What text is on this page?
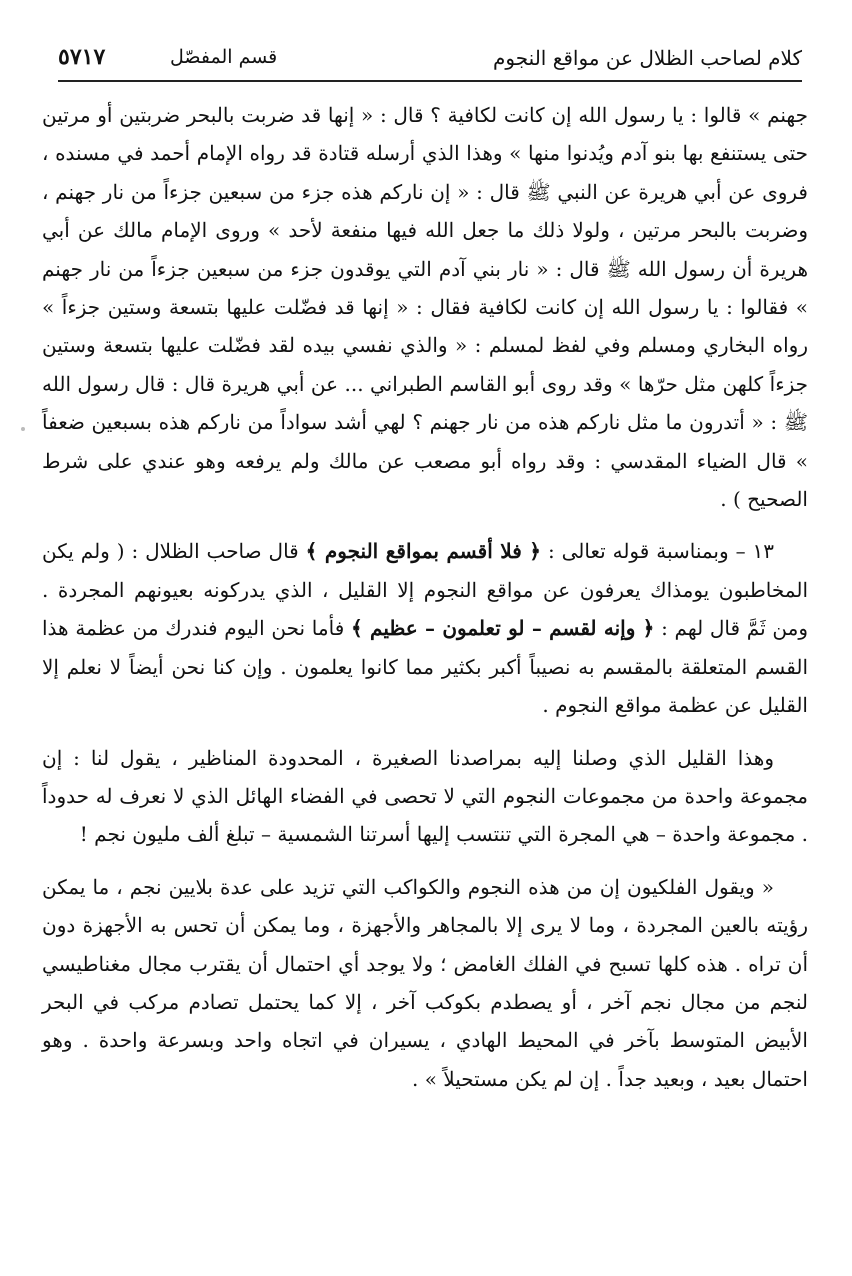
كلام لصاحب الظلال عن مواقع النجوم
قسم المفصّل
٥٧١٧

جهنم » قالوا : يا رسول الله إن كانت لكافية ؟ قال : « إنها قد ضربت بالبحر ضربتين أو مرتين حتى يستنفع بها بنو آدم ويُدنوا منها » وهذا الذي أرسله قتادة قد رواه الإمام أحمد في مسنده ، فروى عن أبي هريرة عن النبي ﷺ قال : « إن ناركم هذه جزء من سبعين جزءاً من نار جهنم ، وضربت بالبحر مرتين ، ولولا ذلك ما جعل الله فيها منفعة لأحد » وروى الإمام مالك عن أبي هريرة أن رسول الله ﷺ قال : « نار بني آدم التي يوقدون جزء من سبعين جزءاً من نار جهنم » فقالوا : يا رسول الله إن كانت لكافية فقال : « إنها قد فضّلت عليها بتسعة وستين جزءاً » رواه البخاري ومسلم وفي لفظ لمسلم : « والذي نفسي بيده لقد فضّلت عليها بتسعة وستين جزءاً كلهن مثل حرّها » وقد روى أبو القاسم الطبراني ... عن أبي هريرة قال : قال رسول الله ﷺ : « أتدرون ما مثل ناركم هذه من نار جهنم ؟ لهي أشد سواداً من ناركم هذه بسبعين ضعفاً » قال الضياء المقدسي : وقد رواه أبو مصعب عن مالك ولم يرفعه وهو عندي على شرط الصحيح ) .

١٣ – وبمناسبة قوله تعالى : ﴿ فلا أقسم بمواقع النجوم ﴾ قال صاحب الظلال : ( ولم يكن المخاطبون يومذاك يعرفون عن مواقع النجوم إلا القليل ، الذي يدركونه بعيونهم المجردة . ومن ثَمَّ قال لهم : ﴿ وإنه لقسم – لو تعلمون – عظيم ﴾ فأما نحن اليوم فندرك من عظمة هذا القسم المتعلقة بالمقسم به نصيباً أكبر بكثير مما كانوا يعلمون . وإن كنا نحن أيضاً لا نعلم إلا القليل عن عظمة مواقع النجوم .

وهذا القليل الذي وصلنا إليه بمراصدنا الصغيرة ، المحدودة المناظير ، يقول لنا : إن مجموعة واحدة من مجموعات النجوم التي لا تحصى في الفضاء الهائل الذي لا نعرف له حدوداً . مجموعة واحدة – هي المجرة التي تنتسب إليها أسرتنا الشمسية – تبلغ ألف مليون نجم !

« ويقول الفلكيون إن من هذه النجوم والكواكب التي تزيد على عدة بلايين نجم ، ما يمكن رؤيته بالعين المجردة ، وما لا يرى إلا بالمجاهر والأجهزة ، وما يمكن أن تحس به الأجهزة دون أن تراه . هذه كلها تسبح في الفلك الغامض ؛ ولا يوجد أي احتمال أن يقترب مجال مغناطيسي لنجم من مجال نجم آخر ، أو يصطدم بكوكب آخر ، إلا كما يحتمل تصادم مركب في البحر الأبيض المتوسط بآخر في المحيط الهادي ، يسيران في اتجاه واحد وبسرعة واحدة . وهو احتمال بعيد ، وبعيد جداً . إن لم يكن مستحيلاً » .
